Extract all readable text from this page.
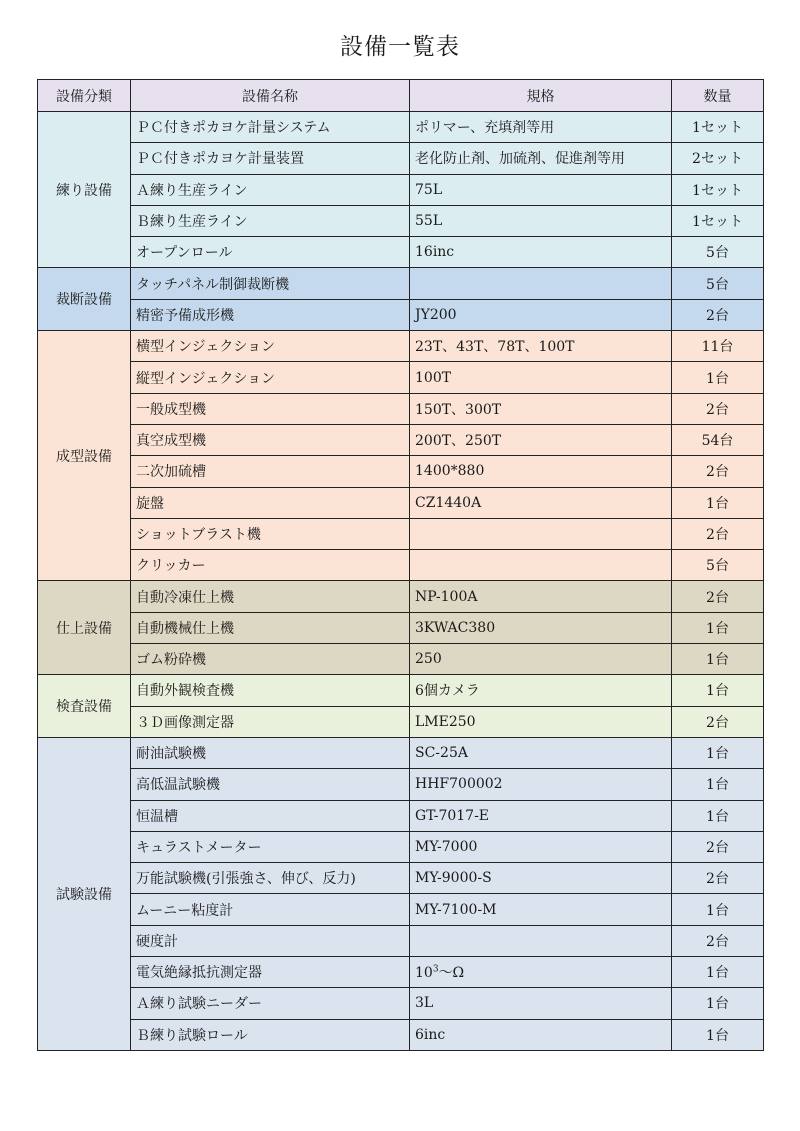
設備一覧表
設備分類	設備名称	規格	数量
練り設備	ＰＣ付きポカヨケ計量システム	ポリマー、充填剤等用	1セット
	ＰＣ付きポカヨケ計量装置	老化防止剤、加硫剤、促進剤等用	2セット
	Ａ練り生産ライン	75L	1セット
	Ｂ練り生産ライン	55L	1セット
	オープンロール	16inc	5台
裁断設備	タッチパネル制御裁断機		5台
	精密予備成形機	JY200	2台
成型設備	横型インジェクション	23T、43T、78T、100T	11台
	縦型インジェクション	100T	1台
	一般成型機	150T、300T	2台
	真空成型機	200T、250T	54台
	二次加硫槽	1400*880	2台
	旋盤	CZ1440A	1台
	ショットブラスト機		2台
	クリッカー		5台
仕上設備	自動冷凍仕上機	NP-100A	2台
	自動機械仕上機	3KWAC380	1台
	ゴム粉砕機	250	1台
検査設備	自動外観検査機	6個カメラ	1台
	３Ｄ画像測定器	LME250	2台
試験設備	耐油試験機	SC-25A	1台
	高低温試験機	HHF700002	1台
	恒温槽	GT-7017-E	1台
	キュラストメーター	MY-7000	2台
	万能試験機(引張強さ、伸び、反力)	MY-9000-S	2台
	ムーニー粘度計	MY-7100-M	1台
	硬度計		2台
	電気絶縁抵抗測定器	$10^3\sim\Omega$	1台
	Ａ練り試験ニーダー	3L	1台
	Ｂ練り試験ロール	6inc	1台
